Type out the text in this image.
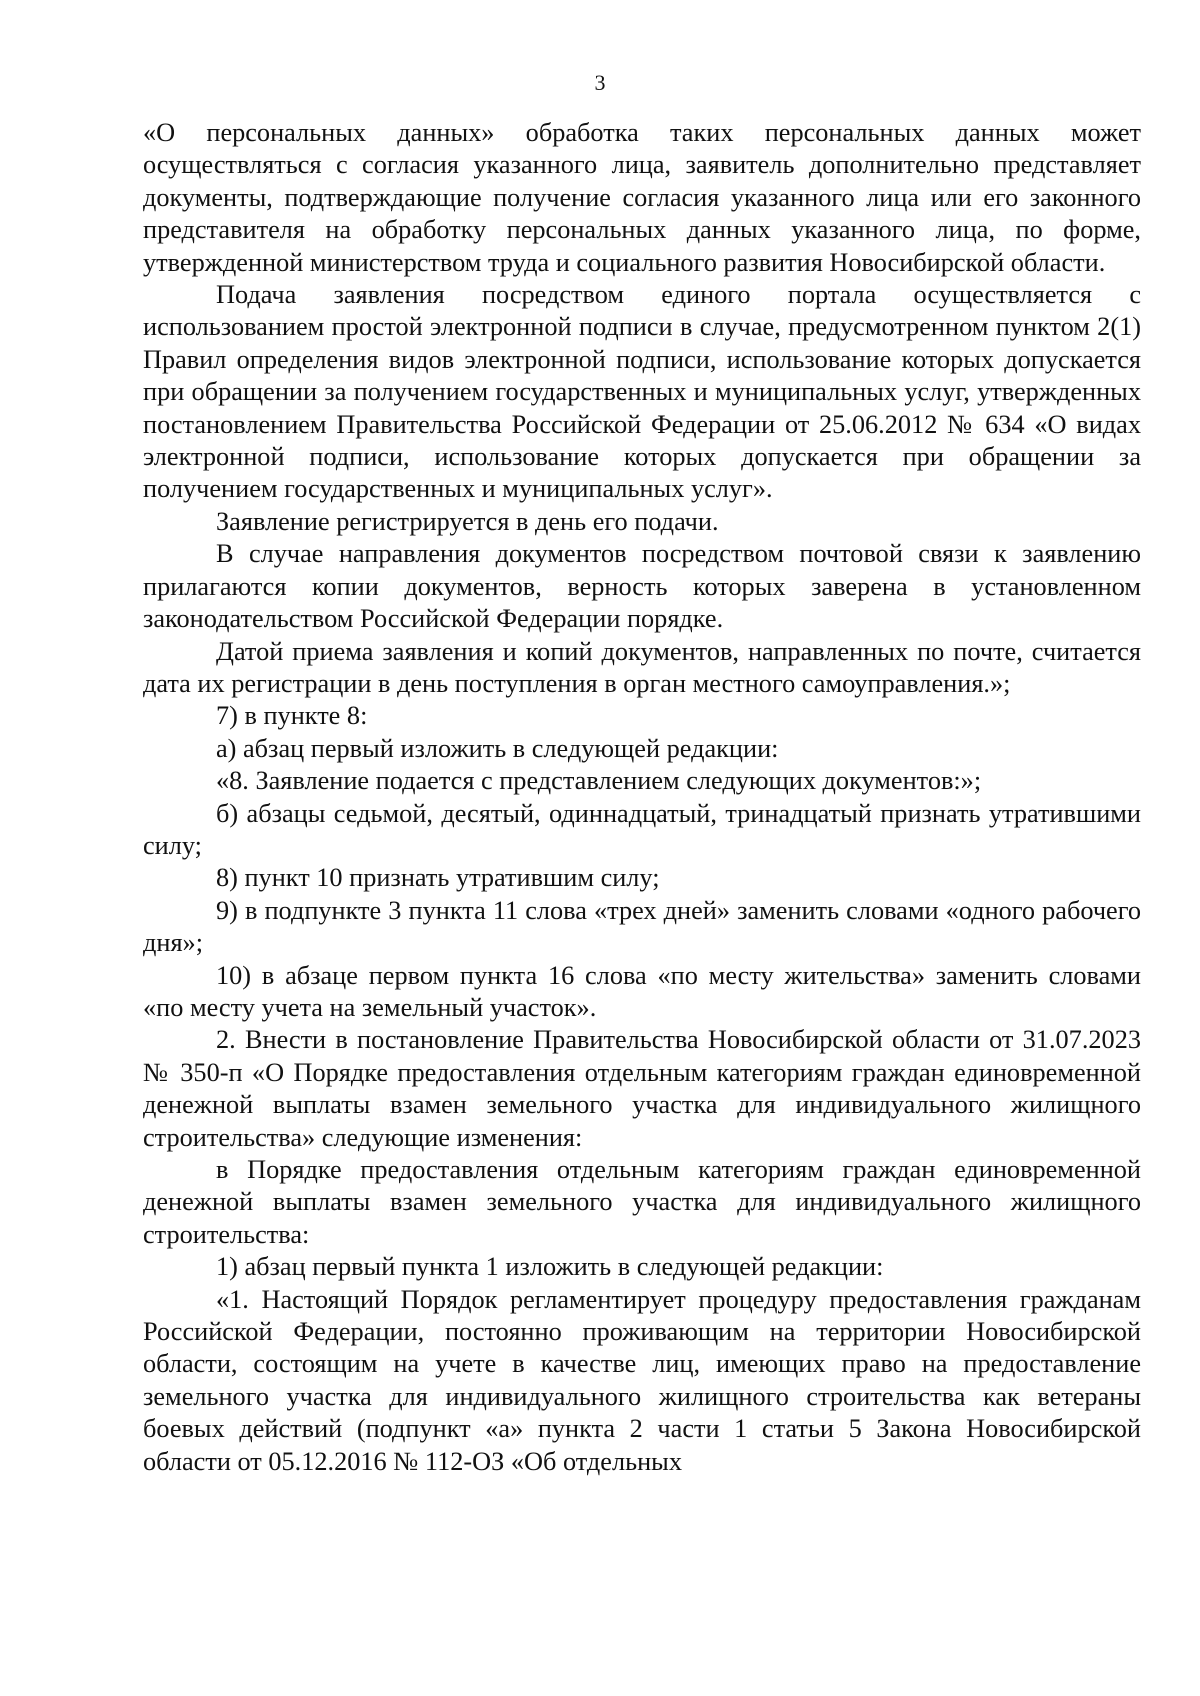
3

«О персональных данных» обработка таких персональных данных может осуществляться с согласия указанного лица, заявитель дополнительно представляет документы, подтверждающие получение согласия указанного лица или его законного представителя на обработку персональных данных указанного лица, по форме, утвержденной министерством труда и социального развития Новосибирской области.

Подача заявления посредством единого портала осуществляется с использованием простой электронной подписи в случае, предусмотренном пунктом 2(1) Правил определения видов электронной подписи, использование которых допускается при обращении за получением государственных и муниципальных услуг, утвержденных постановлением Правительства Российской Федерации от 25.06.2012 № 634 «О видах электронной подписи, использование которых допускается при обращении за получением государственных и муниципальных услуг».

Заявление регистрируется в день его подачи.

В случае направления документов посредством почтовой связи к заявлению прилагаются копии документов, верность которых заверена в установленном законодательством Российской Федерации порядке.

Датой приема заявления и копий документов, направленных по почте, считается дата их регистрации в день поступления в орган местного самоуправления.»;

7) в пункте 8:

а) абзац первый изложить в следующей редакции:

«8. Заявление подается с представлением следующих документов:»;

б) абзацы седьмой, десятый, одиннадцатый, тринадцатый признать утратившими силу;

8) пункт 10 признать утратившим силу;

9) в подпункте 3 пункта 11 слова «трех дней» заменить словами «одного рабочего дня»;

10) в абзаце первом пункта 16 слова «по месту жительства» заменить словами «по месту учета на земельный участок».

2. Внести в постановление Правительства Новосибирской области от 31.07.2023 № 350-п «О Порядке предоставления отдельным категориям граждан единовременной денежной выплаты взамен земельного участка для индивидуального жилищного строительства» следующие изменения:

в Порядке предоставления отдельным категориям граждан единовременной денежной выплаты взамен земельного участка для индивидуального жилищного строительства:

1) абзац первый пункта 1 изложить в следующей редакции:

«1. Настоящий Порядок регламентирует процедуру предоставления гражданам Российской Федерации, постоянно проживающим на территории Новосибирской области, состоящим на учете в качестве лиц, имеющих право на предоставление земельного участка для индивидуального жилищного строительства как ветераны боевых действий (подпункт «а» пункта 2 части 1 статьи 5 Закона Новосибирской области от 05.12.2016 № 112-ОЗ «Об отдельных
